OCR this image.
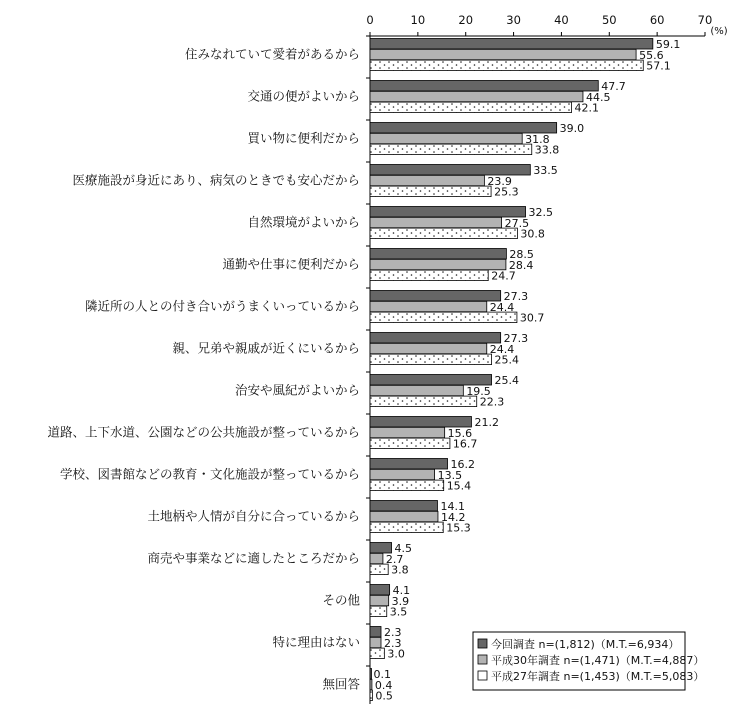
0	10	20	30	40	50	60	70
(%)
住みなれていて愛着があるから
59.1
55.6
57.1
交通の便がよいから
47.7
44.5
42.1
買い物に便利だから
39.0
31.8
33.8
医療施設が身近にあり、病気のときでも安心だから
33.5
23.9
25.3
自然環境がよいから
32.5
27.5
30.8
通勤や仕事に便利だから
28.5
28.4
24.7
隣近所の人との付き合いがうまくいっているから
27.3
24.4
30.7
親、兄弟や親戚が近くにいるから
27.3
24.4
25.4
治安や風紀がよいから
25.4
19.5
22.3
道路、上下水道、公園などの公共施設が整っているから
21.2
15.6
16.7
学校、図書館などの教育・文化施設が整っているから
16.2
13.5
15.4
土地柄や人情が自分に合っているから
14.1
14.2
15.3
商売や事業などに適したところだから
4.5
2.7
3.8
その他
4.1
3.9
3.5
特に理由はない
2.3
2.3
3.0
無回答
0.1
0.4
0.5
今回調査 n=(1,812)（M.T.=6,934）
平成30年調査 n=(1,471)（M.T.=4,887）
平成27年調査 n=(1,453)（M.T.=5,083）
